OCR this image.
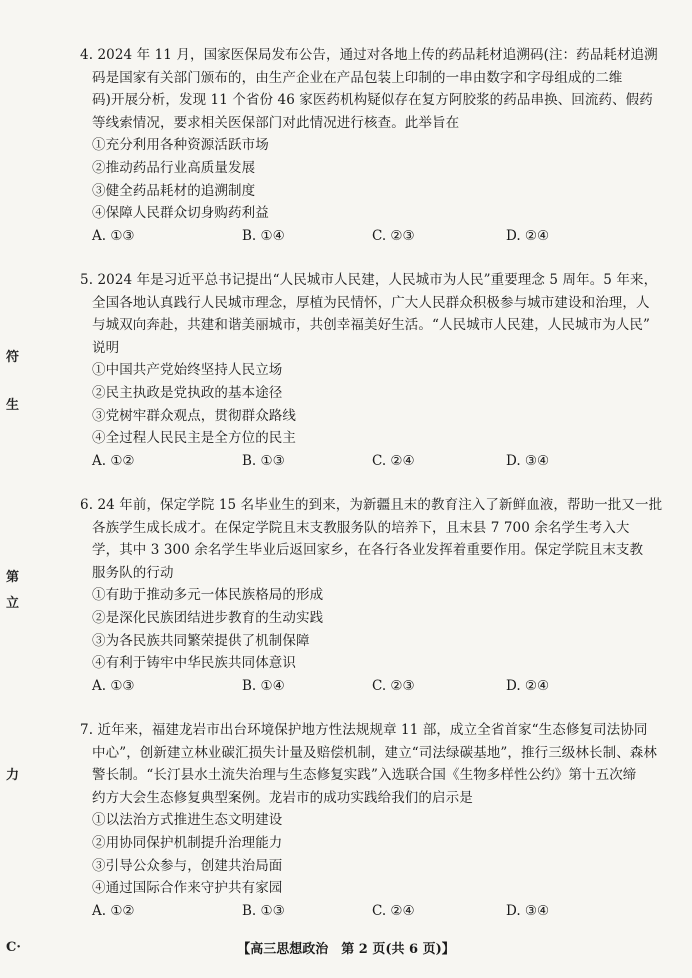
符
生
第
立
力
C·
4. 2024 年 11 月，国家医保局发布公告，通过对各地上传的药品耗材追溯码(注：药品耗材追溯
码是国家有关部门颁布的，由生产企业在产品包装上印制的一串由数字和字母组成的二维
码)开展分析，发现 11 个省份 46 家医药机构疑似存在复方阿胶浆的药品串换、回流药、假药
等线索情况，要求相关医保部门对此情况进行核查。此举旨在
①充分利用各种资源活跃市场
②推动药品行业高质量发展
③健全药品耗材的追溯制度
④保障人民群众切身购药利益
A. ①③	B. ①④	C. ②③	D. ②④
5. 2024 年是习近平总书记提出“人民城市人民建，人民城市为人民”重要理念 5 周年。5 年来，
全国各地认真践行人民城市理念，厚植为民情怀，广大人民群众积极参与城市建设和治理，人
与城双向奔赴，共建和谐美丽城市，共创幸福美好生活。“人民城市人民建，人民城市为人民”
说明
①中国共产党始终坚持人民立场
②民主执政是党执政的基本途径
③党树牢群众观点，贯彻群众路线
④全过程人民民主是全方位的民主
A. ①②	B. ①③	C. ②④	D. ③④
6. 24 年前，保定学院 15 名毕业生的到来，为新疆且末的教育注入了新鲜血液，帮助一批又一批
各族学生成长成才。在保定学院且末支教服务队的培养下，且末县 7 700 余名学生考入大
学，其中 3 300 余名学生毕业后返回家乡，在各行各业发挥着重要作用。保定学院且末支教
服务队的行动
①有助于推动多元一体民族格局的形成
②是深化民族团结进步教育的生动实践
③为各民族共同繁荣提供了机制保障
④有利于铸牢中华民族共同体意识
A. ①③	B. ①④	C. ②③	D. ②④
7. 近年来，福建龙岩市出台环境保护地方性法规规章 11 部，成立全省首家“生态修复司法协同
中心”，创新建立林业碳汇损失计量及赔偿机制，建立“司法绿碳基地”，推行三级林长制、森林
警长制。“长汀县水土流失治理与生态修复实践”入选联合国《生物多样性公约》第十五次缔
约方大会生态修复典型案例。龙岩市的成功实践给我们的启示是
①以法治方式推进生态文明建设
②用协同保护机制提升治理能力
③引导公众参与，创建共治局面
④通过国际合作来守护共有家园
A. ①②	B. ①③	C. ②④	D. ③④
【高三思想政治　第 2 页(共 6 页)】
